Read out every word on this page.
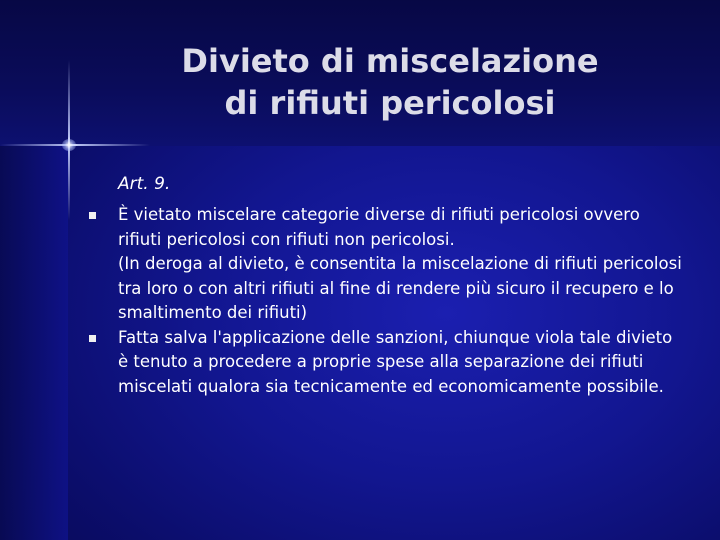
Divieto di miscelazione
di rifiuti pericolosi
Art. 9.
È vietato miscelare categorie diverse di rifiuti pericolosi ovvero rifiuti pericolosi con rifiuti non pericolosi.
(In deroga al divieto, è consentita la miscelazione di rifiuti pericolosi tra loro o con altri rifiuti al fine di rendere più sicuro il recupero e lo smaltimento dei rifiuti)
Fatta salva l'applicazione delle sanzioni, chiunque viola tale divieto è tenuto a procedere a proprie spese alla separazione dei rifiuti miscelati qualora sia tecnicamente ed economicamente possibile.
